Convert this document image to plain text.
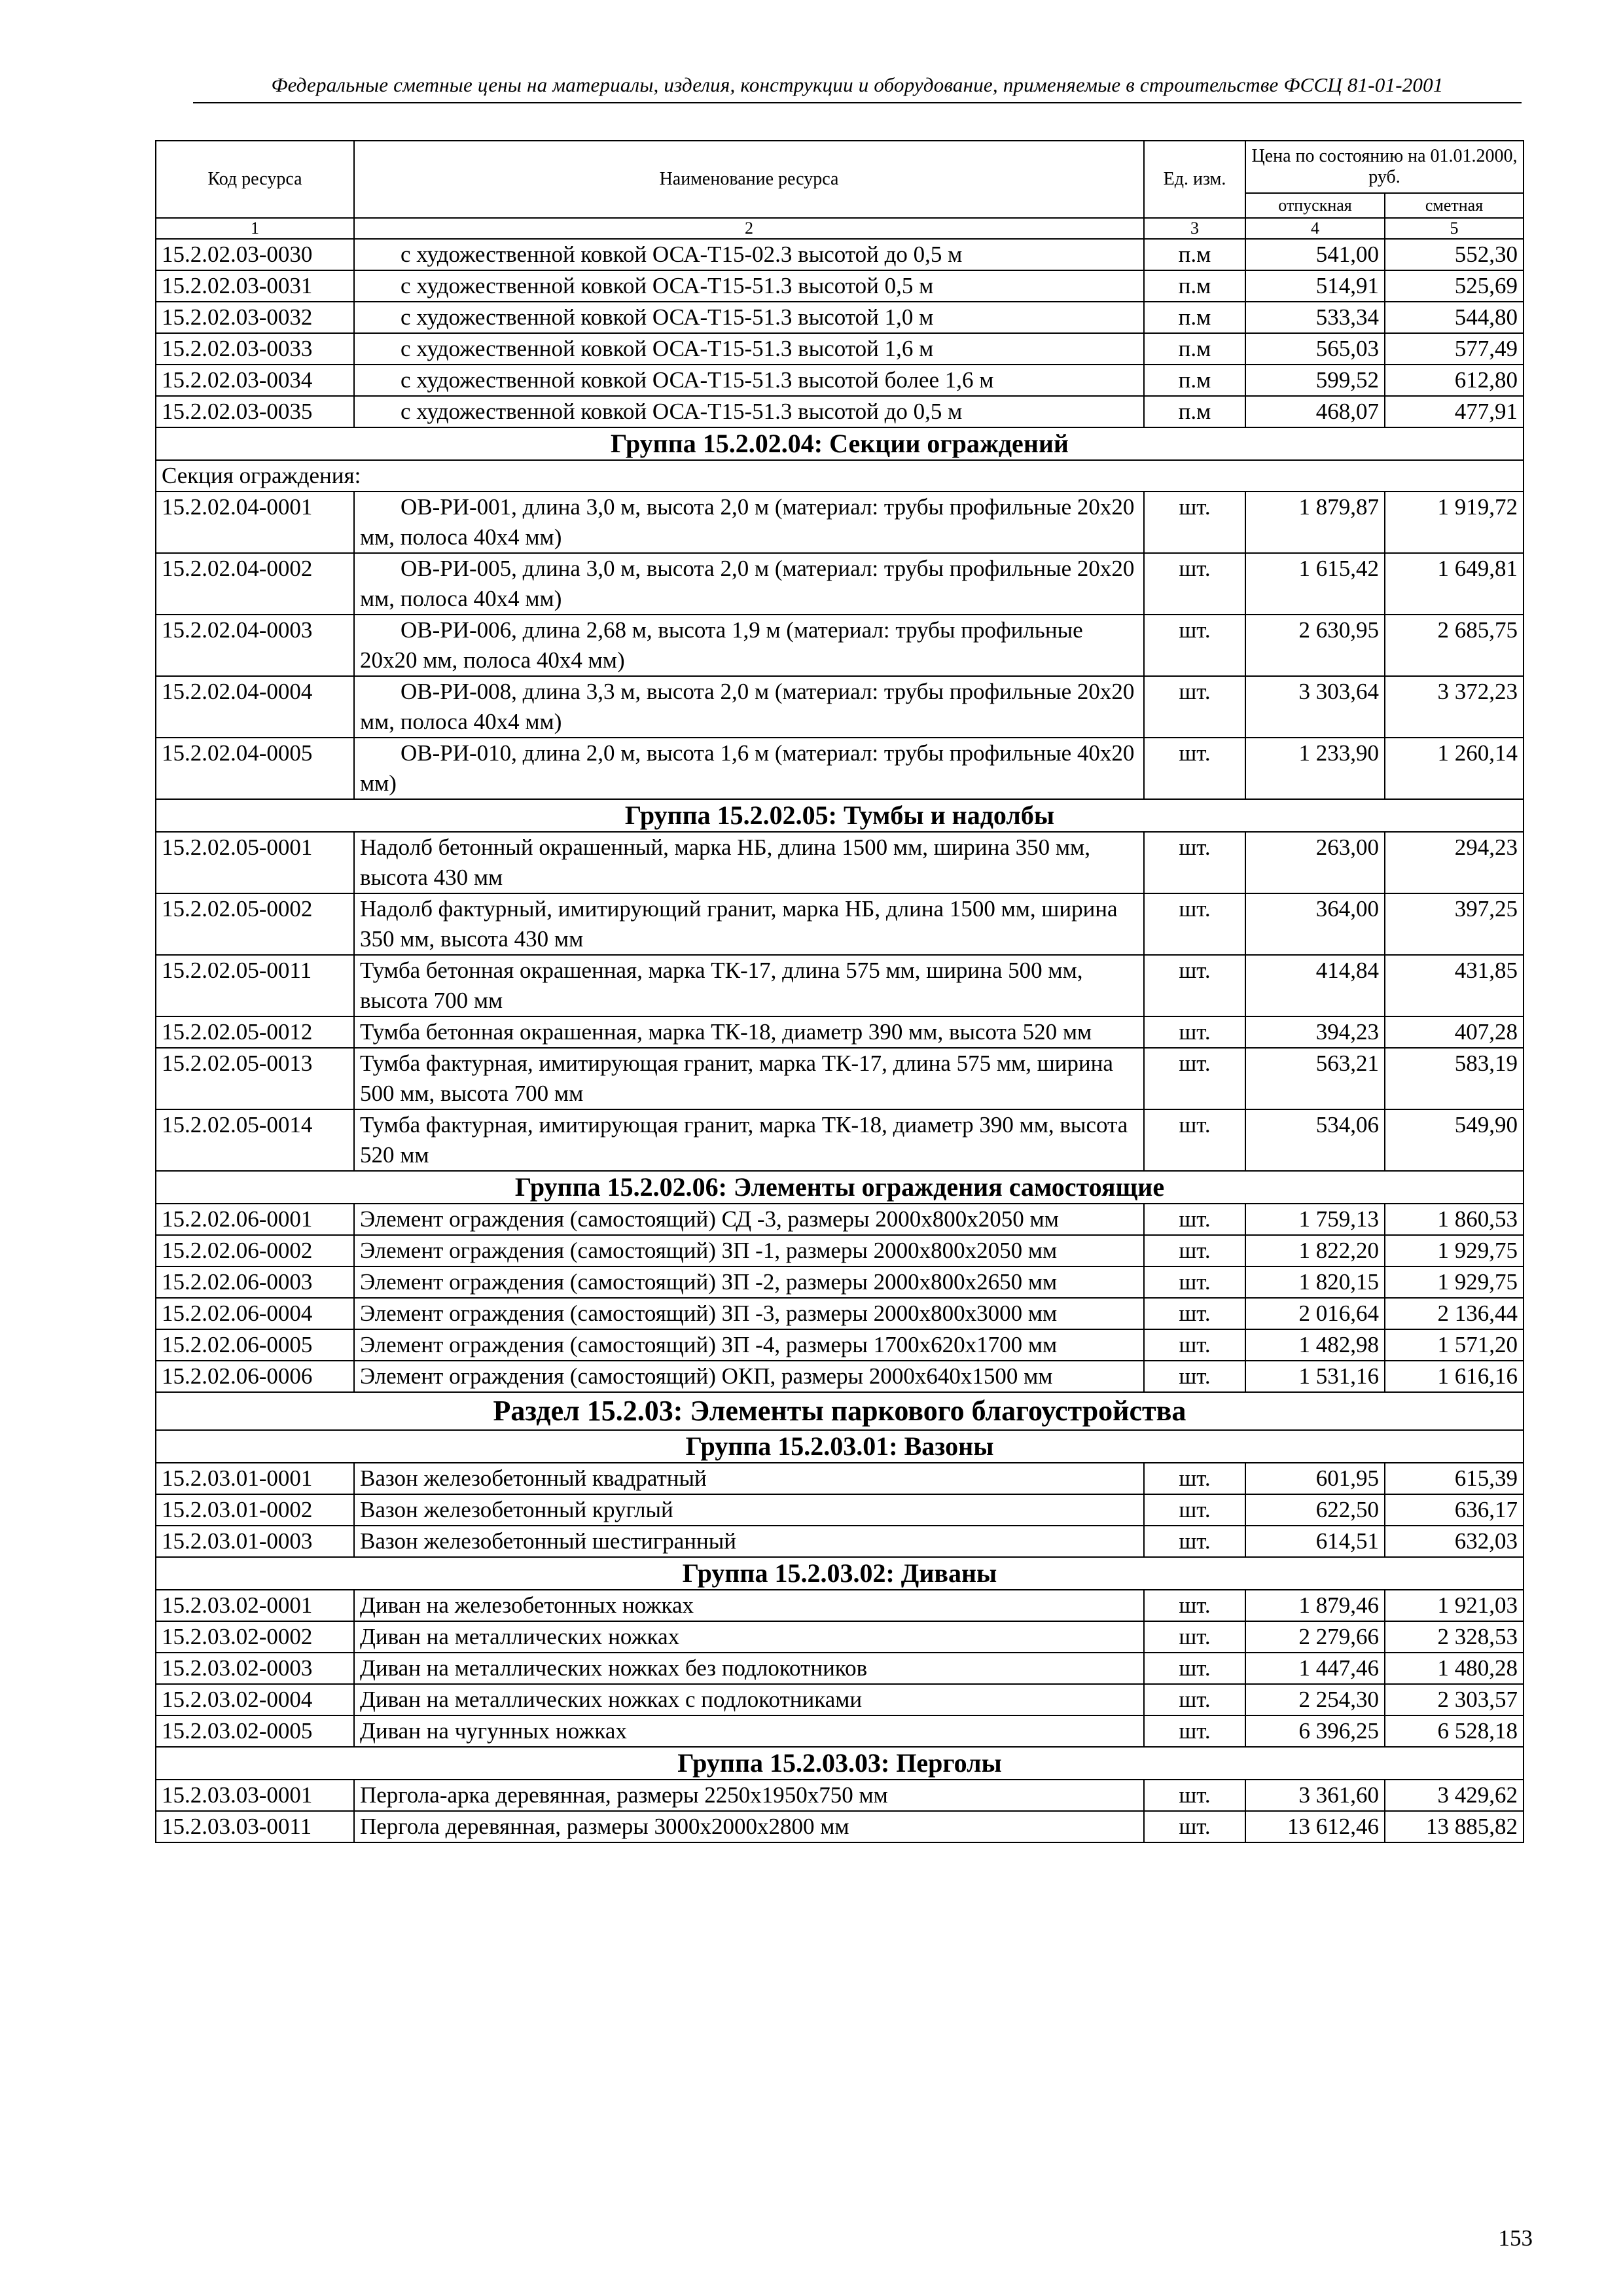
Федеральные сметные цены на материалы, изделия, конструкции и оборудование, применяемые в строительстве ФССЦ 81-01-2001
Код ресурса	Наименование ресурса	Ед. изм.	Цена по состоянию на 01.01.2000, руб.	
			отпускная	сметная
1	2	3	4	5
15.2.02.03-0030	с художественной ковкой ОСА-Т15-02.3 высотой до 0,5 м	п.м	541,00	552,30
15.2.02.03-0031	с художественной ковкой ОСА-Т15-51.3 высотой 0,5 м	п.м	514,91	525,69
15.2.02.03-0032	с художественной ковкой ОСА-Т15-51.3 высотой 1,0 м	п.м	533,34	544,80
15.2.02.03-0033	с художественной ковкой ОСА-Т15-51.3 высотой 1,6 м	п.м	565,03	577,49
15.2.02.03-0034	с художественной ковкой ОСА-Т15-51.3 высотой более 1,6 м	п.м	599,52	612,80
15.2.02.03-0035	с художественной ковкой ОСА-Т15-51.3 высотой до 0,5 м	п.м	468,07	477,91
Группа 15.2.02.04: Секции ограждений				
Секция ограждения:				
15.2.02.04-0001	ОВ-РИ-001, длина 3,0 м, высота 2,0 м (материал: трубы профильные 20х20 мм, полоса 40х4 мм)	шт.	1 879,87	1 919,72
15.2.02.04-0002	ОВ-РИ-005, длина 3,0 м, высота 2,0 м (материал: трубы профильные 20х20 мм, полоса 40х4 мм)	шт.	1 615,42	1 649,81
15.2.02.04-0003	ОВ-РИ-006, длина 2,68 м, высота 1,9 м (материал: трубы профильные 20х20 мм, полоса 40х4 мм)	шт.	2 630,95	2 685,75
15.2.02.04-0004	ОВ-РИ-008, длина 3,3 м, высота 2,0 м (материал: трубы профильные 20х20 мм, полоса 40х4 мм)	шт.	3 303,64	3 372,23
15.2.02.04-0005	ОВ-РИ-010, длина 2,0 м, высота 1,6 м (материал: трубы профильные 40х20 мм)	шт.	1 233,90	1 260,14
Группа 15.2.02.05: Тумбы и надолбы				
15.2.02.05-0001	Надолб бетонный окрашенный, марка НБ, длина 1500 мм, ширина 350 мм, высота 430 мм	шт.	263,00	294,23
15.2.02.05-0002	Надолб фактурный, имитирующий гранит, марка НБ, длина 1500 мм, ширина 350 мм, высота 430 мм	шт.	364,00	397,25
15.2.02.05-0011	Тумба бетонная окрашенная, марка ТК-17, длина 575 мм, ширина 500 мм, высота 700 мм	шт.	414,84	431,85
15.2.02.05-0012	Тумба бетонная окрашенная, марка ТК-18, диаметр 390 мм, высота 520 мм	шт.	394,23	407,28
15.2.02.05-0013	Тумба фактурная, имитирующая гранит, марка ТК-17, длина 575 мм, ширина 500 мм, высота 700 мм	шт.	563,21	583,19
15.2.02.05-0014	Тумба фактурная, имитирующая гранит, марка ТК-18, диаметр 390 мм, высота 520 мм	шт.	534,06	549,90
Группа 15.2.02.06: Элементы ограждения самостоящие				
15.2.02.06-0001	Элемент ограждения (самостоящий) СД -3, размеры 2000х800х2050 мм	шт.	1 759,13	1 860,53
15.2.02.06-0002	Элемент ограждения (самостоящий) ЗП -1, размеры 2000х800х2050 мм	шт.	1 822,20	1 929,75
15.2.02.06-0003	Элемент ограждения (самостоящий) ЗП -2, размеры 2000х800х2650 мм	шт.	1 820,15	1 929,75
15.2.02.06-0004	Элемент ограждения (самостоящий) ЗП -3, размеры 2000х800х3000 мм	шт.	2 016,64	2 136,44
15.2.02.06-0005	Элемент ограждения (самостоящий) ЗП -4, размеры 1700х620х1700 мм	шт.	1 482,98	1 571,20
15.2.02.06-0006	Элемент ограждения (самостоящий) ОКП, размеры 2000х640х1500 мм	шт.	1 531,16	1 616,16
Раздел 15.2.03: Элементы паркового благоустройства				
Группа 15.2.03.01: Вазоны				
15.2.03.01-0001	Вазон железобетонный квадратный	шт.	601,95	615,39
15.2.03.01-0002	Вазон железобетонный круглый	шт.	622,50	636,17
15.2.03.01-0003	Вазон железобетонный шестигранный	шт.	614,51	632,03
Группа 15.2.03.02: Диваны				
15.2.03.02-0001	Диван на железобетонных ножках	шт.	1 879,46	1 921,03
15.2.03.02-0002	Диван на металлических ножках	шт.	2 279,66	2 328,53
15.2.03.02-0003	Диван на металлических ножках без подлокотников	шт.	1 447,46	1 480,28
15.2.03.02-0004	Диван на металлических ножках с подлокотниками	шт.	2 254,30	2 303,57
15.2.03.02-0005	Диван на чугунных ножках	шт.	6 396,25	6 528,18
Группа 15.2.03.03: Перголы				
15.2.03.03-0001	Пергола-арка деревянная, размеры 2250х1950х750 мм	шт.	3 361,60	3 429,62
15.2.03.03-0011	Пергола деревянная, размеры 3000х2000х2800 мм	шт.	13 612,46	13 885,82
153
